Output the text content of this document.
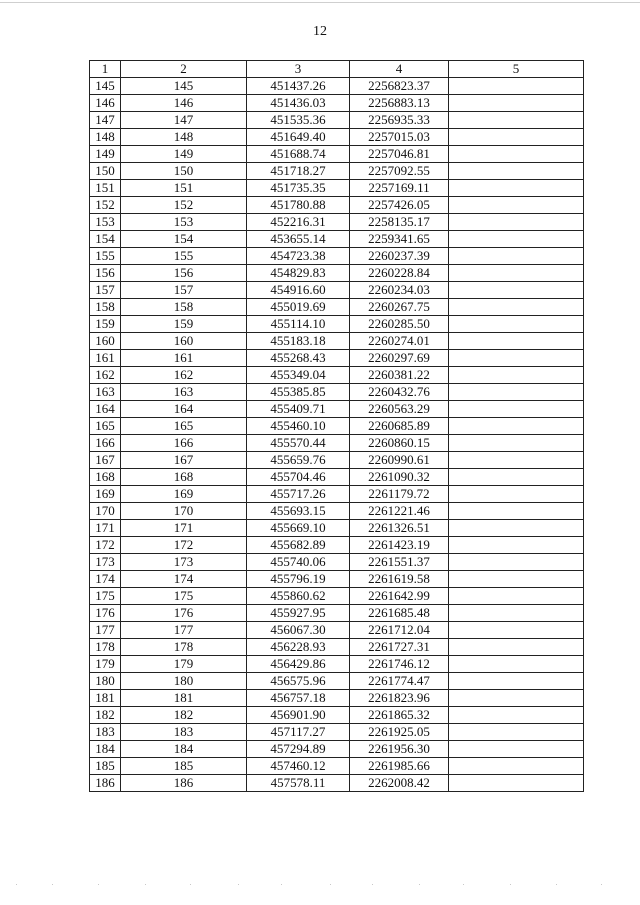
12
1	2	3	4	5
145	145	451437.26	2256823.37	
146	146	451436.03	2256883.13	
147	147	451535.36	2256935.33	
148	148	451649.40	2257015.03	
149	149	451688.74	2257046.81	
150	150	451718.27	2257092.55	
151	151	451735.35	2257169.11	
152	152	451780.88	2257426.05	
153	153	452216.31	2258135.17	
154	154	453655.14	2259341.65	
155	155	454723.38	2260237.39	
156	156	454829.83	2260228.84	
157	157	454916.60	2260234.03	
158	158	455019.69	2260267.75	
159	159	455114.10	2260285.50	
160	160	455183.18	2260274.01	
161	161	455268.43	2260297.69	
162	162	455349.04	2260381.22	
163	163	455385.85	2260432.76	
164	164	455409.71	2260563.29	
165	165	455460.10	2260685.89	
166	166	455570.44	2260860.15	
167	167	455659.76	2260990.61	
168	168	455704.46	2261090.32	
169	169	455717.26	2261179.72	
170	170	455693.15	2261221.46	
171	171	455669.10	2261326.51	
172	172	455682.89	2261423.19	
173	173	455740.06	2261551.37	
174	174	455796.19	2261619.58	
175	175	455860.62	2261642.99	
176	176	455927.95	2261685.48	
177	177	456067.30	2261712.04	
178	178	456228.93	2261727.31	
179	179	456429.86	2261746.12	
180	180	456575.96	2261774.47	
181	181	456757.18	2261823.96	
182	182	456901.90	2261865.32	
183	183	457117.27	2261925.05	
184	184	457294.89	2261956.30	
185	185	457460.12	2261985.66	
186	186	457578.11	2262008.42	
